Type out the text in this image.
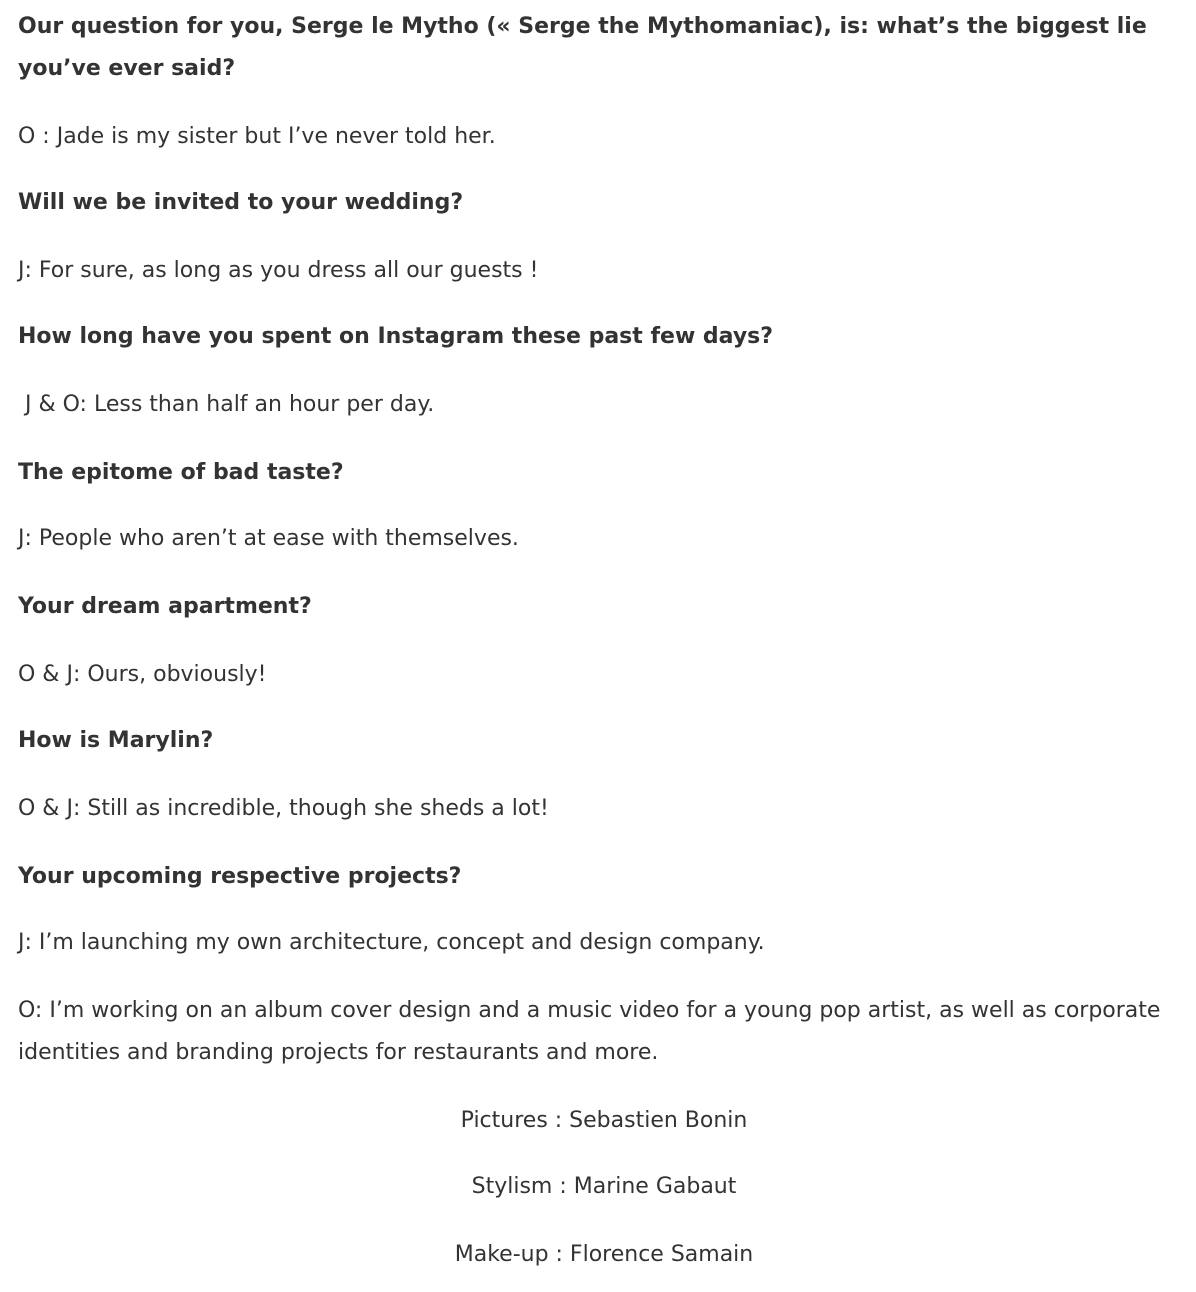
Our question for you, Serge le Mytho (« Serge the Mythomaniac), is: what’s the biggest lie you’ve ever said?

O : Jade is my sister but I’ve never told her.

Will we be invited to your wedding?

J: For sure, as long as you dress all our guests !

How long have you spent on Instagram these past few days?

J & O: Less than half an hour per day.

The epitome of bad taste?

J: People who aren’t at ease with themselves.

Your dream apartment?

O & J: Ours, obviously!

How is Marylin?

O & J: Still as incredible, though she sheds a lot!

Your upcoming respective projects?

J: I’m launching my own architecture, concept and design company.

O: I’m working on an album cover design and a music video for a young pop artist, as well as corporate identities and branding projects for restaurants and more.

Pictures : Sebastien Bonin

Stylism : Marine Gabaut

Make-up : Florence Samain
